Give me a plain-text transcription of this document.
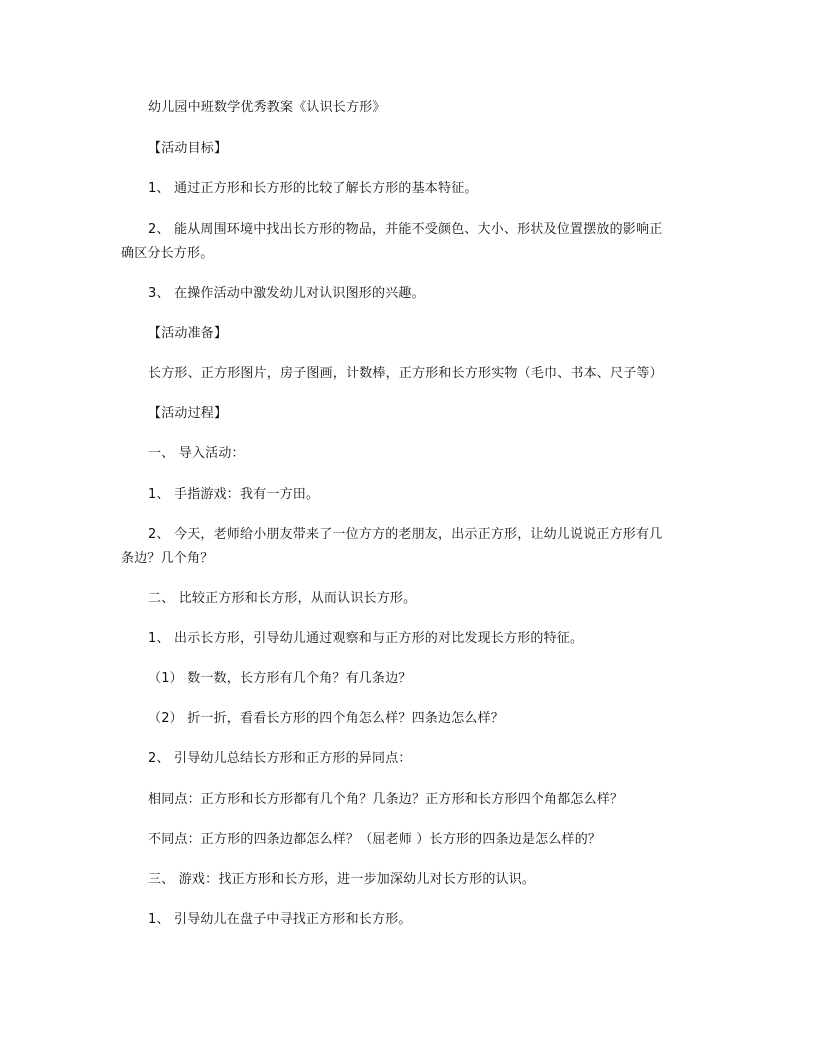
幼儿园中班数学优秀教案《认识长方形》
【活动目标】
1、 通过正方形和长方形的比较了解长方形的基本特征。
2、 能从周围环境中找出长方形的物品，并能不受颜色、大小、形状及位置摆放的影响正
确区分长方形。
3、 在操作活动中激发幼儿对认识图形的兴趣。
【活动准备】
长方形、正方形图片，房子图画，计数棒，正方形和长方形实物（毛巾、书本、尺子等）
【活动过程】
一、 导入活动：
1、 手指游戏：我有一方田。
2、 今天，老师给小朋友带来了一位方方的老朋友，出示正方形，让幼儿说说正方形有几
条边？几个角？
二、 比较正方形和长方形，从而认识长方形。
1、 出示长方形，引导幼儿通过观察和与正方形的对比发现长方形的特征。
（1） 数一数，长方形有几个角？有几条边？
（2） 折一折，看看长方形的四个角怎么样？四条边怎么样？
2、 引导幼儿总结长方形和正方形的异同点：
相同点：正方形和长方形都有几个角？几条边？正方形和长方形四个角都怎么样？
不同点：正方形的四条边都怎么样？（屈老师 ）长方形的四条边是怎么样的？
三、 游戏：找正方形和长方形，进一步加深幼儿对长方形的认识。
1、 引导幼儿在盘子中寻找正方形和长方形。
